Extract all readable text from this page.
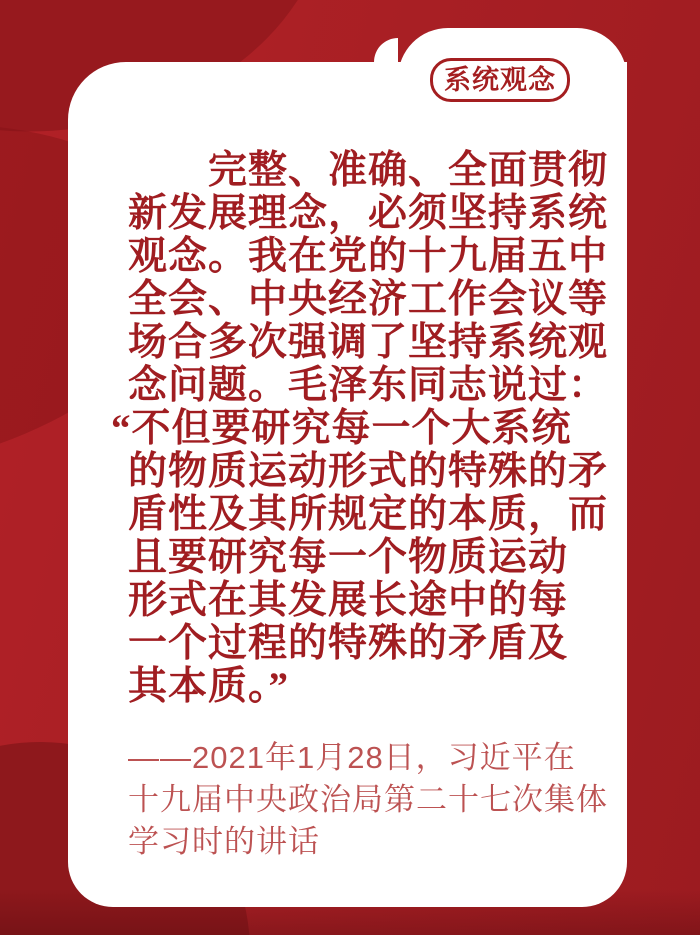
系统观念
完整、准确、全面贯彻
新发展理念，必须坚持系统
观念。我在党的十九届五中
全会、中央经济工作会议等
场合多次强调了坚持系统观
念问题。毛泽东同志说过：
“不但要研究每一个大系统
的物质运动形式的特殊的矛
盾性及其所规定的本质，而
且要研究每一个物质运动
形式在其发展长途中的每
一个过程的特殊的矛盾及
其本质。”
——2021年1月28日，习近平在
十九届中央政治局第二十七次集体
学习时的讲话
